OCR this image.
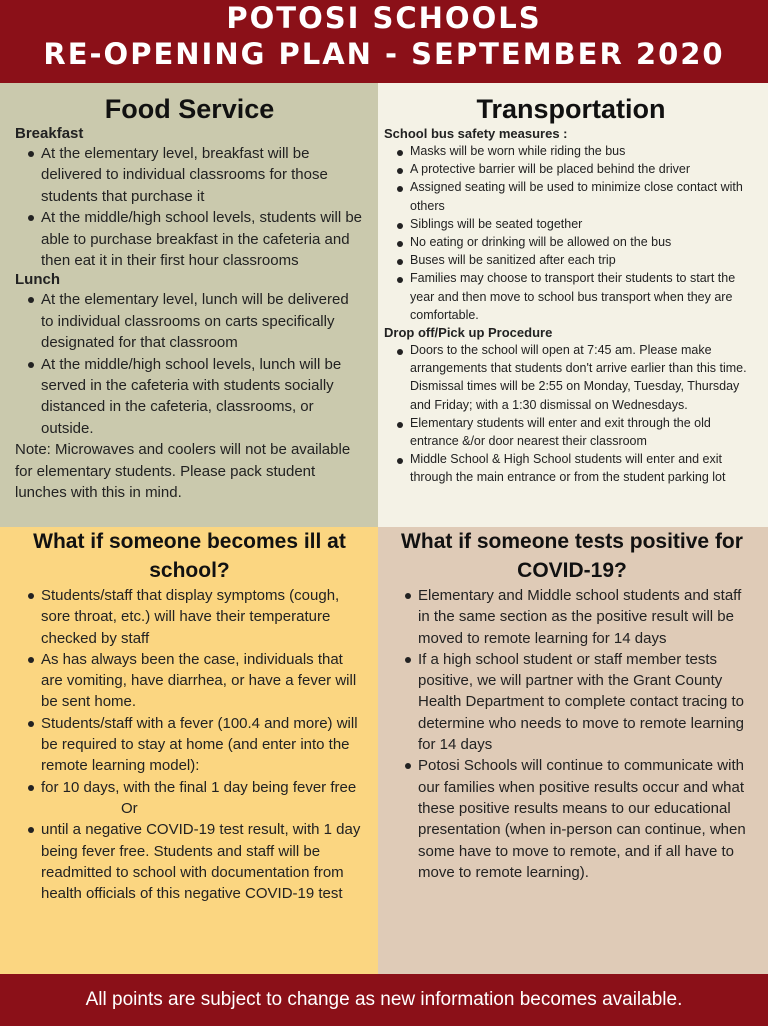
POTOSI SCHOOLS
RE-OPENING PLAN - SEPTEMBER 2020
Food Service

Breakfast

At the elementary level, breakfast will be delivered to individual classrooms for those students that purchase it
At the middle/high school levels, students will be able to purchase breakfast in the cafeteria and then eat it in their first hour classrooms

Lunch

At the elementary level, lunch will be delivered to individual classrooms on carts specifically designated for that classroom
At the middle/high school levels, lunch will be served in the cafeteria with students socially distanced in the cafeteria, classrooms, or outside.

Note: Microwaves and coolers will not be available for elementary students. Please pack student lunches with this in mind.

Transportation

School bus safety measures :

Masks will be worn while riding the bus
A protective barrier will be placed behind the driver
Assigned seating will be used to minimize close contact with others
Siblings will be seated together
No eating or drinking will be allowed on the bus
Buses will be sanitized after each trip
Families may choose to transport their students to start the year and then move to school bus transport when they are comfortable.

Drop off/Pick up Procedure

Doors to the school will open at 7:45 am. Please make arrangements that students don't arrive earlier than this time. Dismissal times will be 2:55 on Monday, Tuesday, Thursday and Friday; with a 1:30 dismissal on Wednesdays.
Elementary students will enter and exit through the old entrance &/or door nearest their classroom
Middle School & High School students will enter and exit through the main entrance or from the student parking lot
What if someone becomes ill at school?
Students/staff that display symptoms (cough, sore throat, etc.) will have their temperature checked by staff
As has always been the case, individuals that are vomiting, have diarrhea, or have a fever will be sent home.
Students/staff with a fever (100.4 and more) will be required to stay at home (and enter into the remote learning model):
for 10 days, with the final 1 day being fever free
Or
until a negative COVID-19 test result, with 1 day being fever free. Students and staff will be readmitted to school with documentation from health officials of this negative COVID-19 test
What if someone tests positive for COVID-19?
Elementary and Middle school students and staff in the same section as the positive result will be moved to remote learning for 14 days
If a high school student or staff member tests positive, we will partner with the Grant County Health Department to complete contact tracing to determine who needs to move to remote learning for 14 days
Potosi Schools will continue to communicate with our families when positive results occur and what these positive results means to our educational presentation (when in-person can continue, when some have to move to remote, and if all have to move to remote learning).
All points are subject to change as new information becomes available.
